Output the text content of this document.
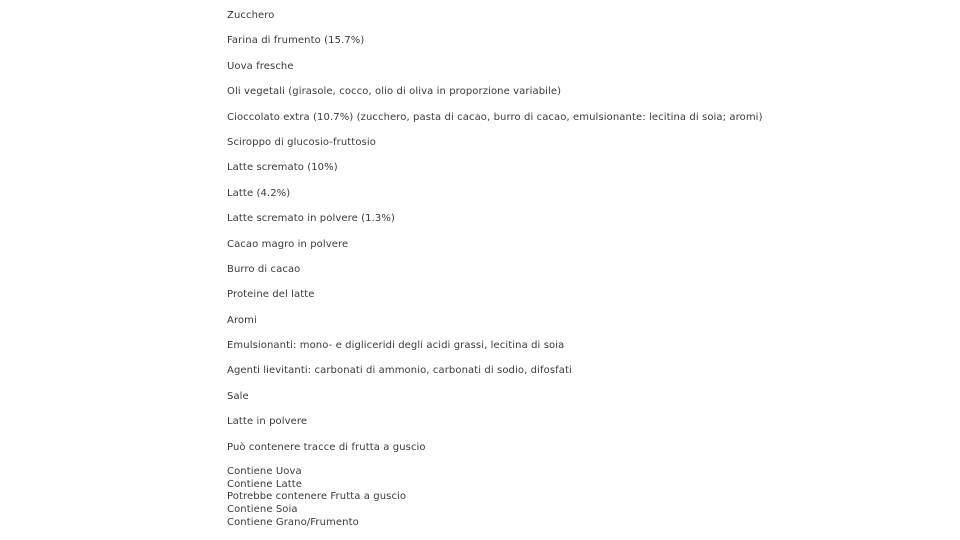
Zucchero
Farina di frumento (15.7%)
Uova fresche
Oli vegetali (girasole, cocco, olio di oliva in proporzione variabile)
Cioccolato extra (10.7%) (zucchero, pasta di cacao, burro di cacao, emulsionante: lecitina di soia; aromi)
Sciroppo di glucosio-fruttosio
Latte scremato (10%)
Latte (4.2%)
Latte scremato in polvere (1.3%)
Cacao magro in polvere
Burro di cacao
Proteine del latte
Aromi
Emulsionanti: mono- e digliceridi degli acidi grassi, lecitina di soia
Agenti lievitanti: carbonati di ammonio, carbonati di sodio, difosfati
Sale
Latte in polvere
Può contenere tracce di frutta a guscio
Contiene Uova
Contiene Latte
Potrebbe contenere Frutta a guscio
Contiene Soia
Contiene Grano/Frumento
